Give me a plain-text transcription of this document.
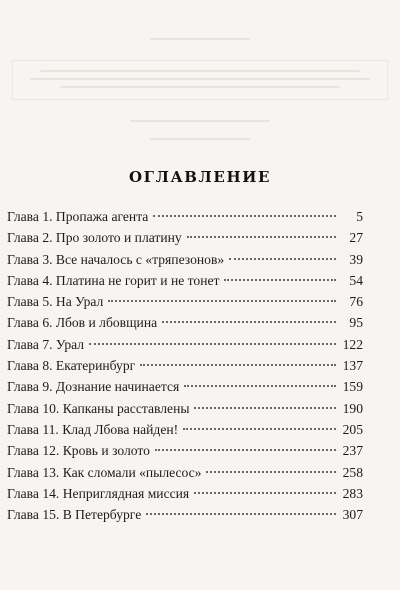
ОГЛАВЛЕНИЕ
Глава 1. Пропажа агента	5
Глава 2. Про золото и платину	27
Глава 3. Все началось с «тряпезонов»	39
Глава 4. Платина не горит и не тонет	54
Глава 5. На Урал	76
Глава 6. Лбов и лбовщина	95
Глава 7. Урал	122
Глава 8. Екатеринбург	137
Глава 9. Дознание начинается	159
Глава 10. Капканы расставлены	190
Глава 11. Клад Лбова найден!	205
Глава 12. Кровь и золото	237
Глава 13. Как сломали «пылесос»	258
Глава 14. Неприглядная миссия	283
Глава 15. В Петербурге	307
